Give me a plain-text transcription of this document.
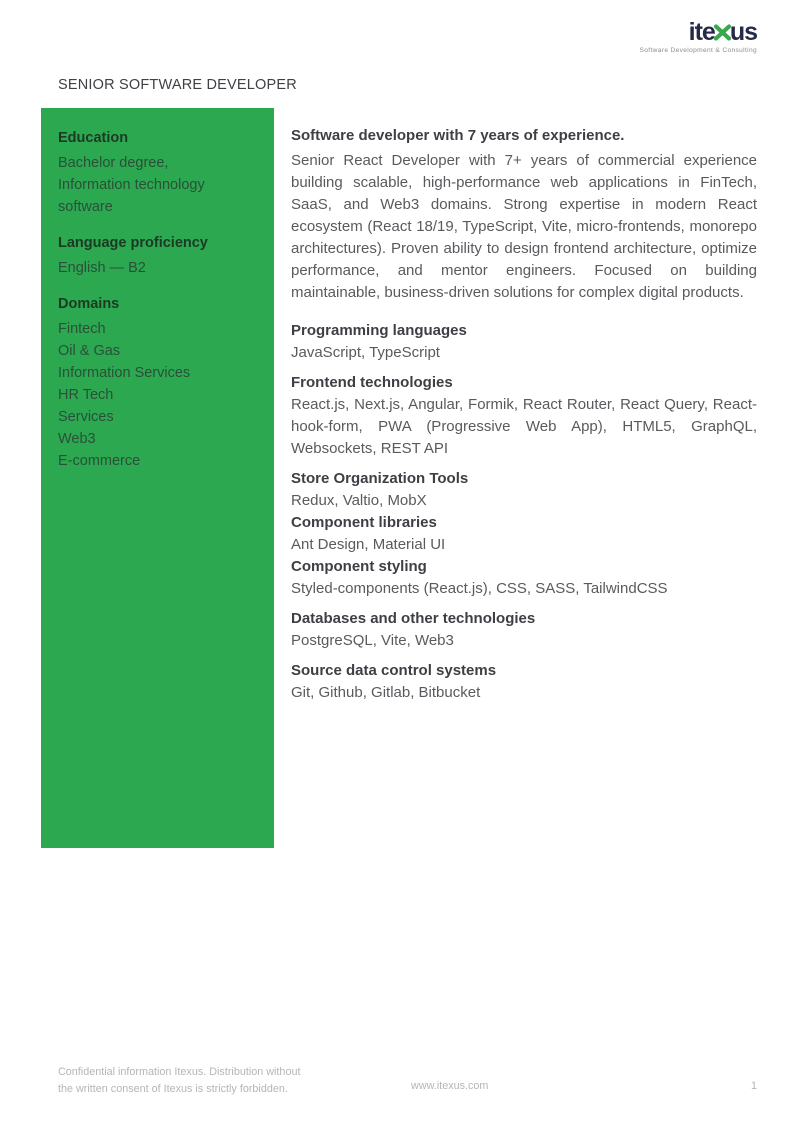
ite us
Software Development & Consulting
SENIOR SOFTWARE DEVELOPER
Education
Bachelor degree,
Information technology
software
Language proficiency
English — B2
Domains
Fintech
Oil & Gas
Information Services
HR Tech
Services
Web3
E-commerce
Software developer with 7 years of experience.

Senior React Developer with 7+ years of commercial experience building scalable, high-performance web applications in FinTech, SaaS, and Web3 domains. Strong expertise in modern React ecosystem (React 18/19, TypeScript, Vite, micro-frontends, monorepo architectures). Proven ability to design frontend architecture, optimize performance, and mentor engineers. Focused on building maintainable, business-driven solutions for complex digital products.

Programming languages

JavaScript, TypeScript

Frontend technologies

React.js, Next.js, Angular, Formik, React Router, React Query, React-hook-form, PWA (Progressive Web App), HTML5, GraphQL, Websockets, REST API

Store Organization Tools

Redux, Valtio, MobX

Component libraries

Ant Design, Material UI

Component styling

Styled-components (React.js), CSS, SASS, TailwindCSS

Databases and other technologies

PostgreSQL, Vite, Web3

Source data control systems

Git, Github, Gitlab, Bitbucket

Confidential information Itexus. Distribution without
the written consent of Itexus is strictly forbidden.	www.itexus.com	1
